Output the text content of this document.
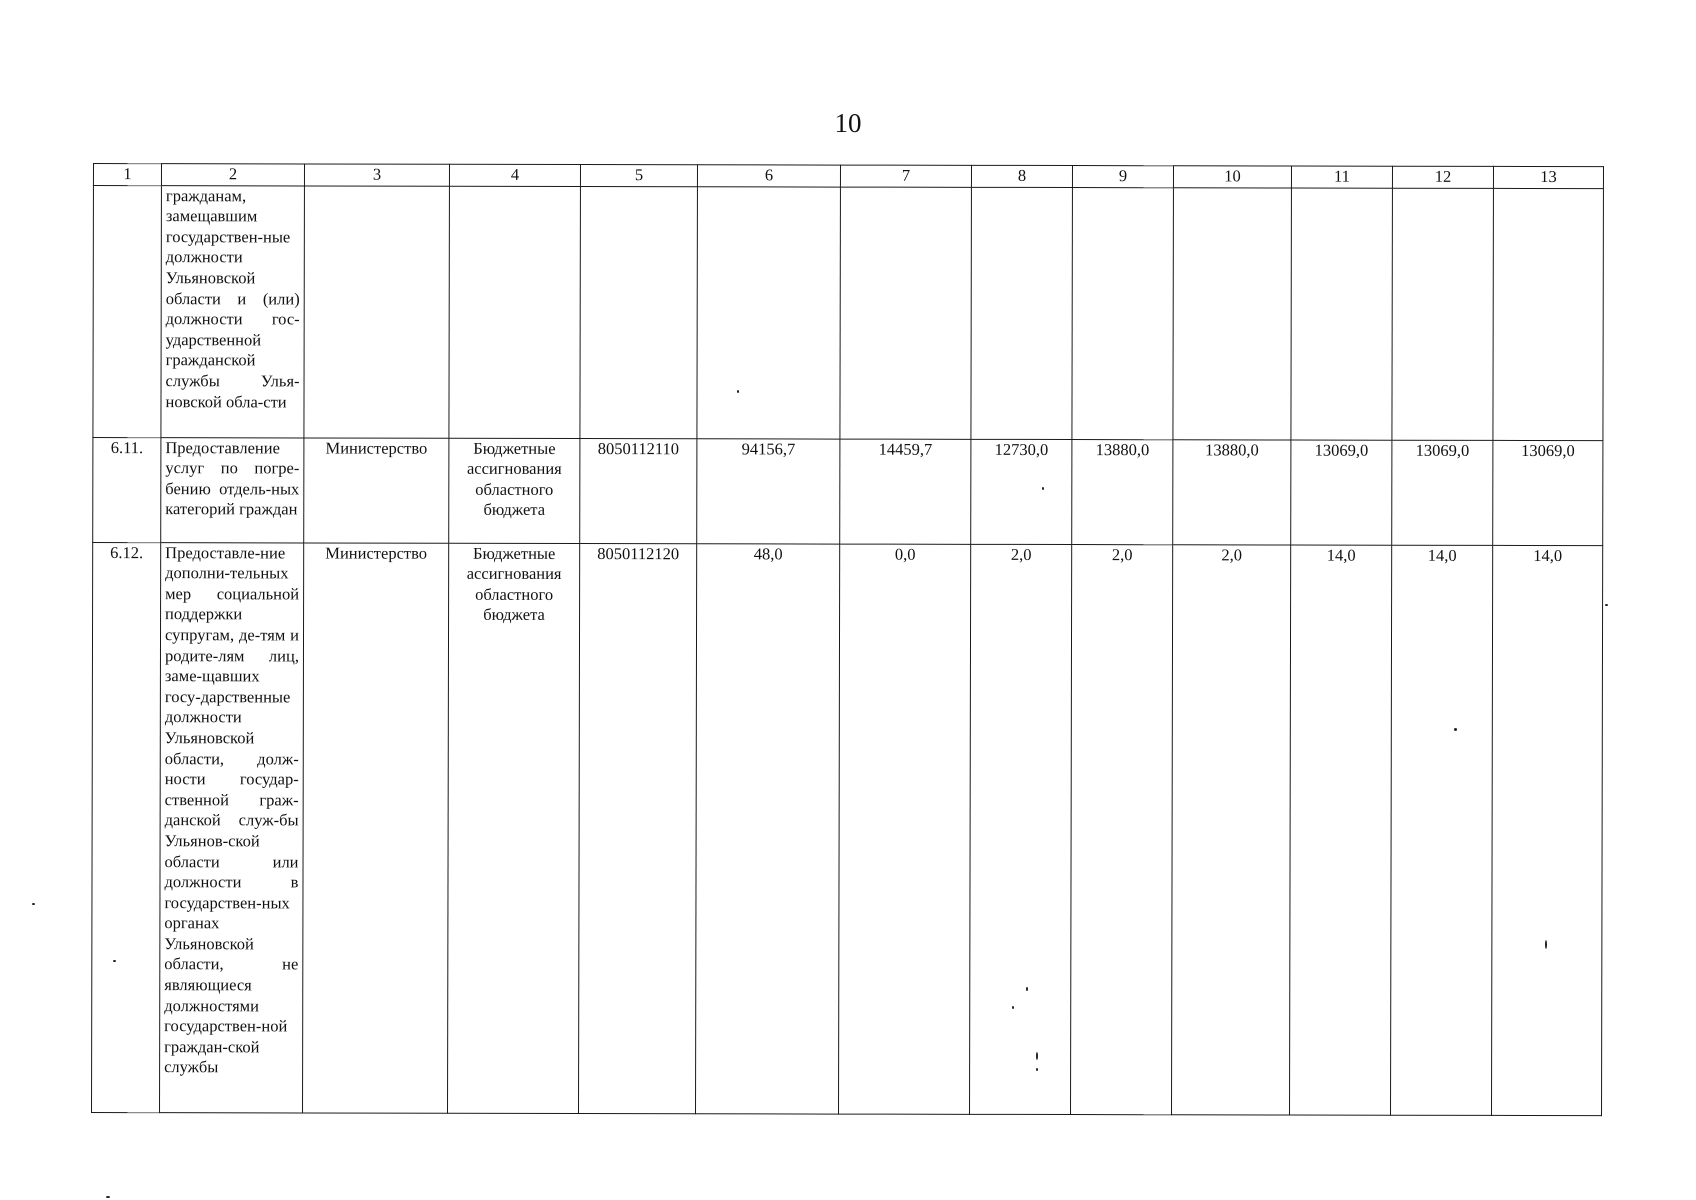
10
1	2	3	4	5	6	7	8	9	10	11	12	13
	гражданам, замещавшим государствен-ные должности Ульяновской области и (или) должности гос-ударственной гражданской службы Улья-новской обла-сти											
6.11.	Предоставление услуг по погре-бению отдель-ных категорий граждан	Министерство	Бюджетные ассигнования областного бюджета	8050112110	94156,7	14459,7	12730,0	13880,0	13880,0	13069,0	13069,0	13069,0
6.12.	Предоставле-ние дополни-тельных мер социальной поддержки супругам, де-тям и родите-лям лиц, заме-щавших госу-дарственные должности Ульяновской области, долж-ности государ-ственной граж-данской служ-бы Ульянов-ской области или должности в государствен-ных органах Ульяновской области, не являющиеся должностями государствен-ной граждан-ской службы	Министерство	Бюджетные ассигнования областного бюджета	8050112120	48,0	0,0	2,0	2,0	2,0	14,0	14,0	14,0
